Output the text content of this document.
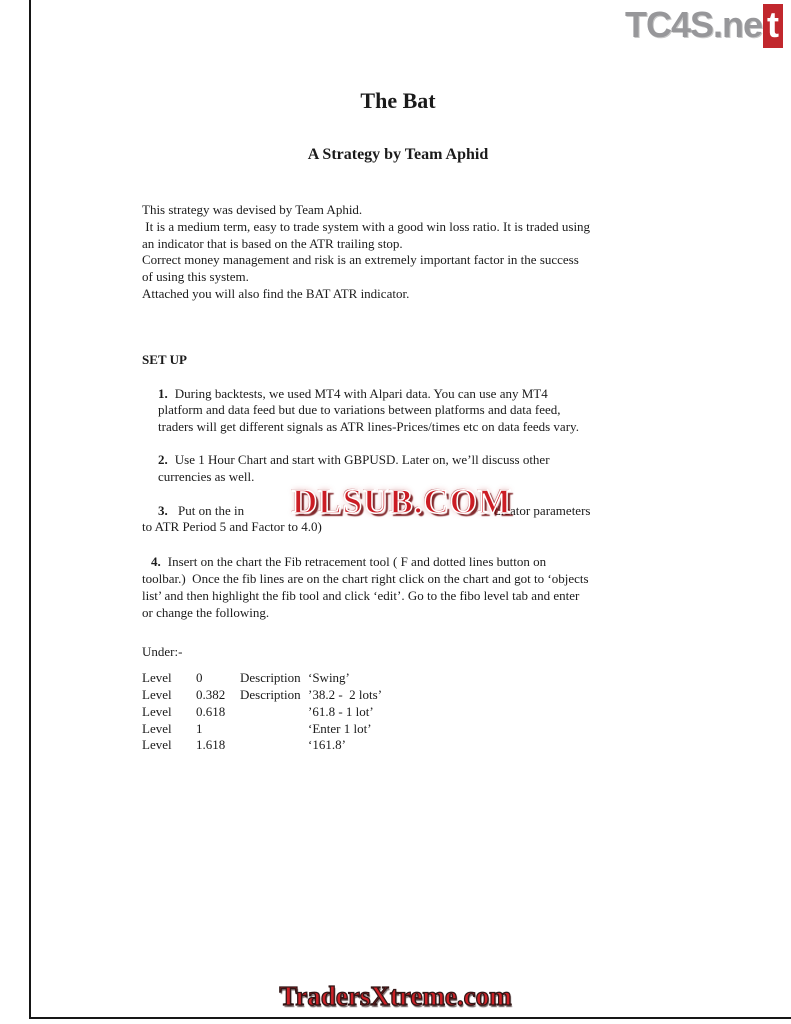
TC4S.ne t
The Bat
A Strategy by Team Aphid
This strategy was devised by Team Aphid.
It is a medium term, easy to trade system with a good win loss ratio. It is traded using
an indicator that is based on the ATR trailing stop.
Correct money management and risk is an extremely important factor in the success
of using this system.
Attached you will also find the BAT ATR indicator.
SET UP
1. During backtests, we used MT4 with Alpari data. You can use any MT4
platform and data feed but due to variations between platforms and data feed,
traders will get different signals as ATR lines-Prices/times etc on data feeds vary.
2. Use 1 Hour Chart and start with GBPUSD. Later on, we’ll discuss other
currencies as well.
3. Put on the in	dicator parameters
to ATR Period 5 and Factor to 4.0)
4. Insert on the chart the Fib retracement tool ( F and dotted lines button on
toolbar.)  Once the fib lines are on the chart right click on the chart and got to ‘objects
list’ and then highlight the fib tool and click ‘edit’. Go to the fibo level tab and enter
or change the following.
Under:-
Level	0	Description ‘Swing’
Level	0.382	Description ’38.2 -  2 lots’
Level	0.618	’61.8 - 1 lot’
Level	1	‘Enter 1 lot’
Level	1.618	‘161.8’
DLSUB.COM
TradersXtreme.com
